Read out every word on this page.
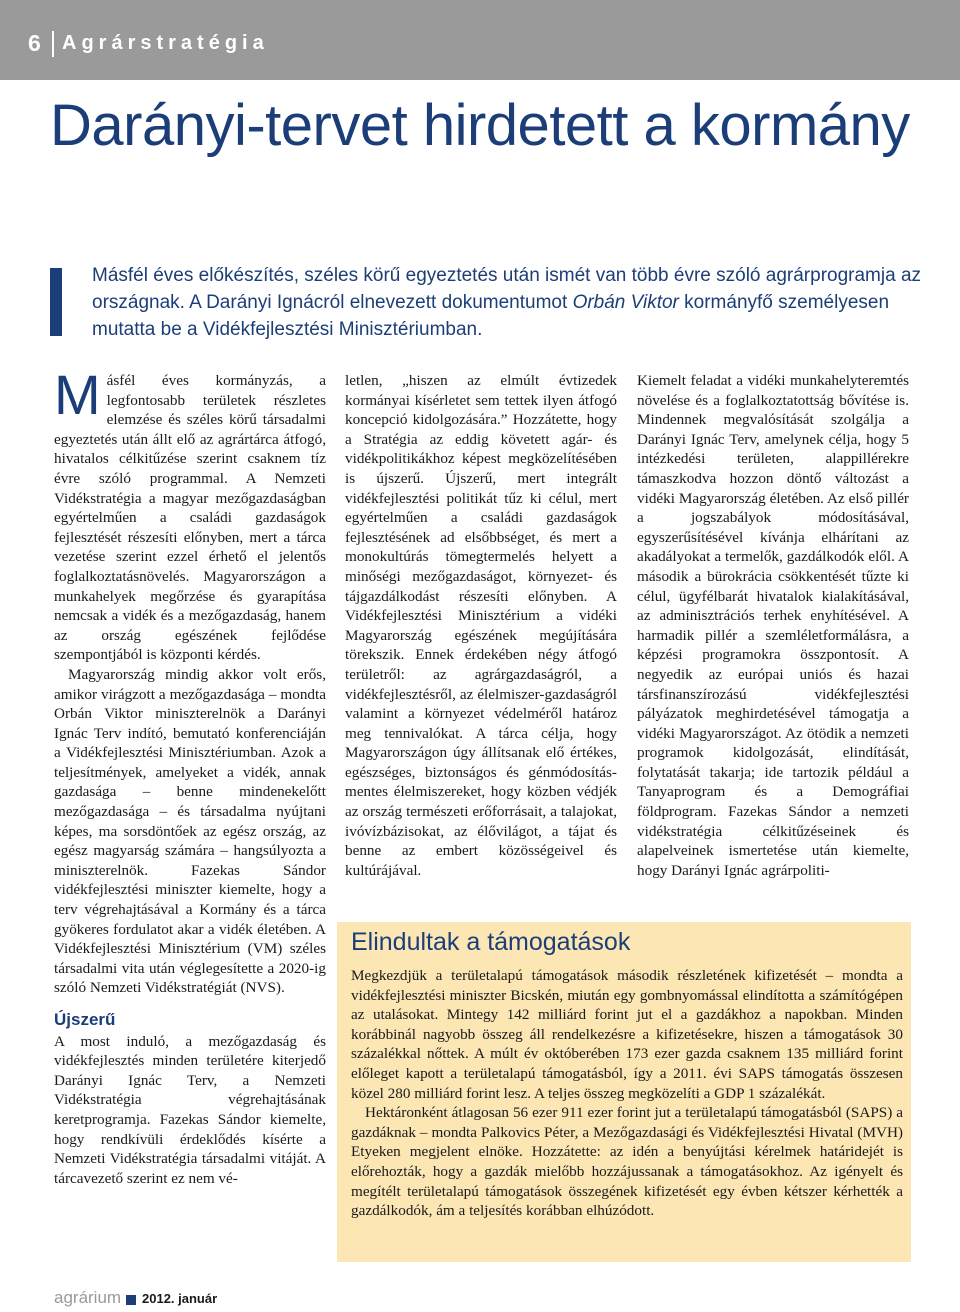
6 Agrárstratégia
Darányi-tervet hirdetett a kormány

Másfél éves előkészítés, széles körű egyeztetés után ismét van több évre szóló agrárprogramja az országnak. A Darányi Ignácról elnevezett dokumentumot Orbán Viktor kormányfő személyesen mutatta be a Vidékfejlesztési Minisztériumban.

M ásfél éves kormányzás, a legfontosabb területek részletes elemzése és széles körű társadalmi egyeztetés után állt elő az agrártárca átfogó, hivatalos célkitűzése szerint csaknem tíz évre szóló programmal. A Nemzeti Vidékstratégia a magyar mezőgazdaságban egyértelműen a családi gazdaságok fejlesztését részesíti előnyben, mert a tárca vezetése szerint ezzel érhető el jelentős foglalkoztatásnövelés. Magyarországon a munkahelyek megőrzése és gyarapítása nemcsak a vidék és a mezőgazdaság, hanem az ország egészének fejlődése szempontjából is központi kérdés.

Magyarország mindig akkor volt erős, amikor virágzott a mezőgazdasága – mondta Orbán Viktor miniszterelnök a Darányi Ignác Terv indító, bemutató konferenciáján a Vidékfejlesztési Minisztériumban. Azok a teljesítmények, amelyeket a vidék, annak gazdasága – benne mindenekelőtt mezőgazdasága – és társadalma nyújtani képes, ma sorsdöntőek az egész ország, az egész magyarság számára – hangsúlyozta a miniszterelnök. Fazekas Sándor vidékfejlesztési miniszter kiemelte, hogy a terv végrehajtásával a Kormány és a tárca gyökeres fordulatot akar a vidék életében. A Vidékfejlesztési Minisztérium (VM) széles társadalmi vita után véglegesítette a 2020-ig szóló Nemzeti Vidékstratégiát (NVS).

Újszerű

A most induló, a mezőgazdaság és vidékfejlesztés minden területére kiterjedő Darányi Ignác Terv, a Nemzeti Vidékstratégia végrehajtásának keretprogramja. Fazekas Sándor kiemelte, hogy rendkívüli érdeklődés kísérte a Nemzeti Vidékstratégia társadalmi vitáját. A tárcavezető szerint ez nem vé-

letlen, „hiszen az elmúlt évtizedek kormányai kísérletet sem tettek ilyen átfogó koncepció kidolgozására.” Hozzátette, hogy a Stratégia az eddig követett agár- és vidékpolitikákhoz képest megközelítésében is újszerű. Újszerű, mert integrált vidékfejlesztési politikát tűz ki célul, mert egyértelműen a családi gazdaságok fejlesztésének ad elsőbbséget, és mert a monokultúrás tömegtermelés helyett a minőségi mezőgazdaságot, környezet- és tájgazdálkodást részesíti előnyben. A Vidékfejlesztési Minisztérium a vidéki Magyarország egészének megújítására törekszik. Ennek érdekében négy átfogó területről: az agrárgazdaságról, a vidékfejlesztésről, az élelmiszer-gazdaságról valamint a környezet védelméről határoz meg tennivalókat. A tárca célja, hogy Magyarországon úgy állítsanak elő értékes, egészséges, biztonságos és génmódosítás-mentes élelmiszereket, hogy közben védjék az ország természeti erőforrásait, a talajokat, ivóvízbázisokat, az élővilágot, a tájat és benne az embert közösségeivel és kultúrájával.

Kiemelt feladat a vidéki munkahelyteremtés növelése és a foglalkoztatottság bővítése is. Mindennek megvalósítását szolgálja a Darányi Ignác Terv, amelynek célja, hogy 5 intézkedési területen, alappillérekre támaszkodva hozzon döntő változást a vidéki Magyarország életében. Az első pillér a jogszabályok módosításával, egyszerűsítésével kívánja elhárítani az akadályokat a termelők, gazdálkodók elől. A második a bürokrácia csökkentését tűzte ki célul, ügyfélbarát hivatalok kialakításával, az adminisztrációs terhek enyhítésével. A harmadik pillér a szemléletformálásra, a képzési programokra összpontosít. A negyedik az európai uniós és hazai társfinanszírozású vidékfejlesztési pályázatok meghirdetésével támogatja a vidéki Magyarországot. Az ötödik a nemzeti programok kidolgozását, elindítását, folytatását takarja; ide tartozik például a Tanyaprogram és a Demográfiai földprogram. Fazekas Sándor a nemzeti vidékstratégia célkitűzéseinek és alapelveinek ismertetése után kiemelte, hogy Darányi Ignác agrárpoliti-

Elindultak a támogatások

Megkezdjük a területalapú támogatások második részletének kifizetését – mondta a vidékfejlesztési miniszter Bicskén, miután egy gombnyomással elindította a számítógépen az utalásokat. Mintegy 142 milliárd forint jut el a gazdákhoz a napokban. Minden korábbinál nagyobb összeg áll rendelkezésre a kifizetésekre, hiszen a támogatások 30 százalékkal nőttek. A múlt év októberében 173 ezer gazda csaknem 135 milliárd forint előleget kapott a területalapú támogatásból, így a 2011. évi SAPS támogatás összesen közel 280 milliárd forint lesz. A teljes összeg megközelíti a GDP 1 százalékát.

Hektáronként átlagosan 56 ezer 911 ezer forint jut a területalapú támogatásból (SAPS) a gazdáknak – mondta Palkovics Péter, a Mezőgazdasági és Vidékfejlesztési Hivatal (MVH) Etyeken megjelent elnöke. Hozzátette: az idén a benyújtási kérelmek határidejét is előrehozták, hogy a gazdák mielőbb hozzájussanak a támogatásokhoz. Az igényelt és megítélt területalapú támogatások összegének kifizetését egy évben kétszer kérhették a gazdálkodók, ám a teljesítés korábban elhúzódott.

agrárium 2012. január
